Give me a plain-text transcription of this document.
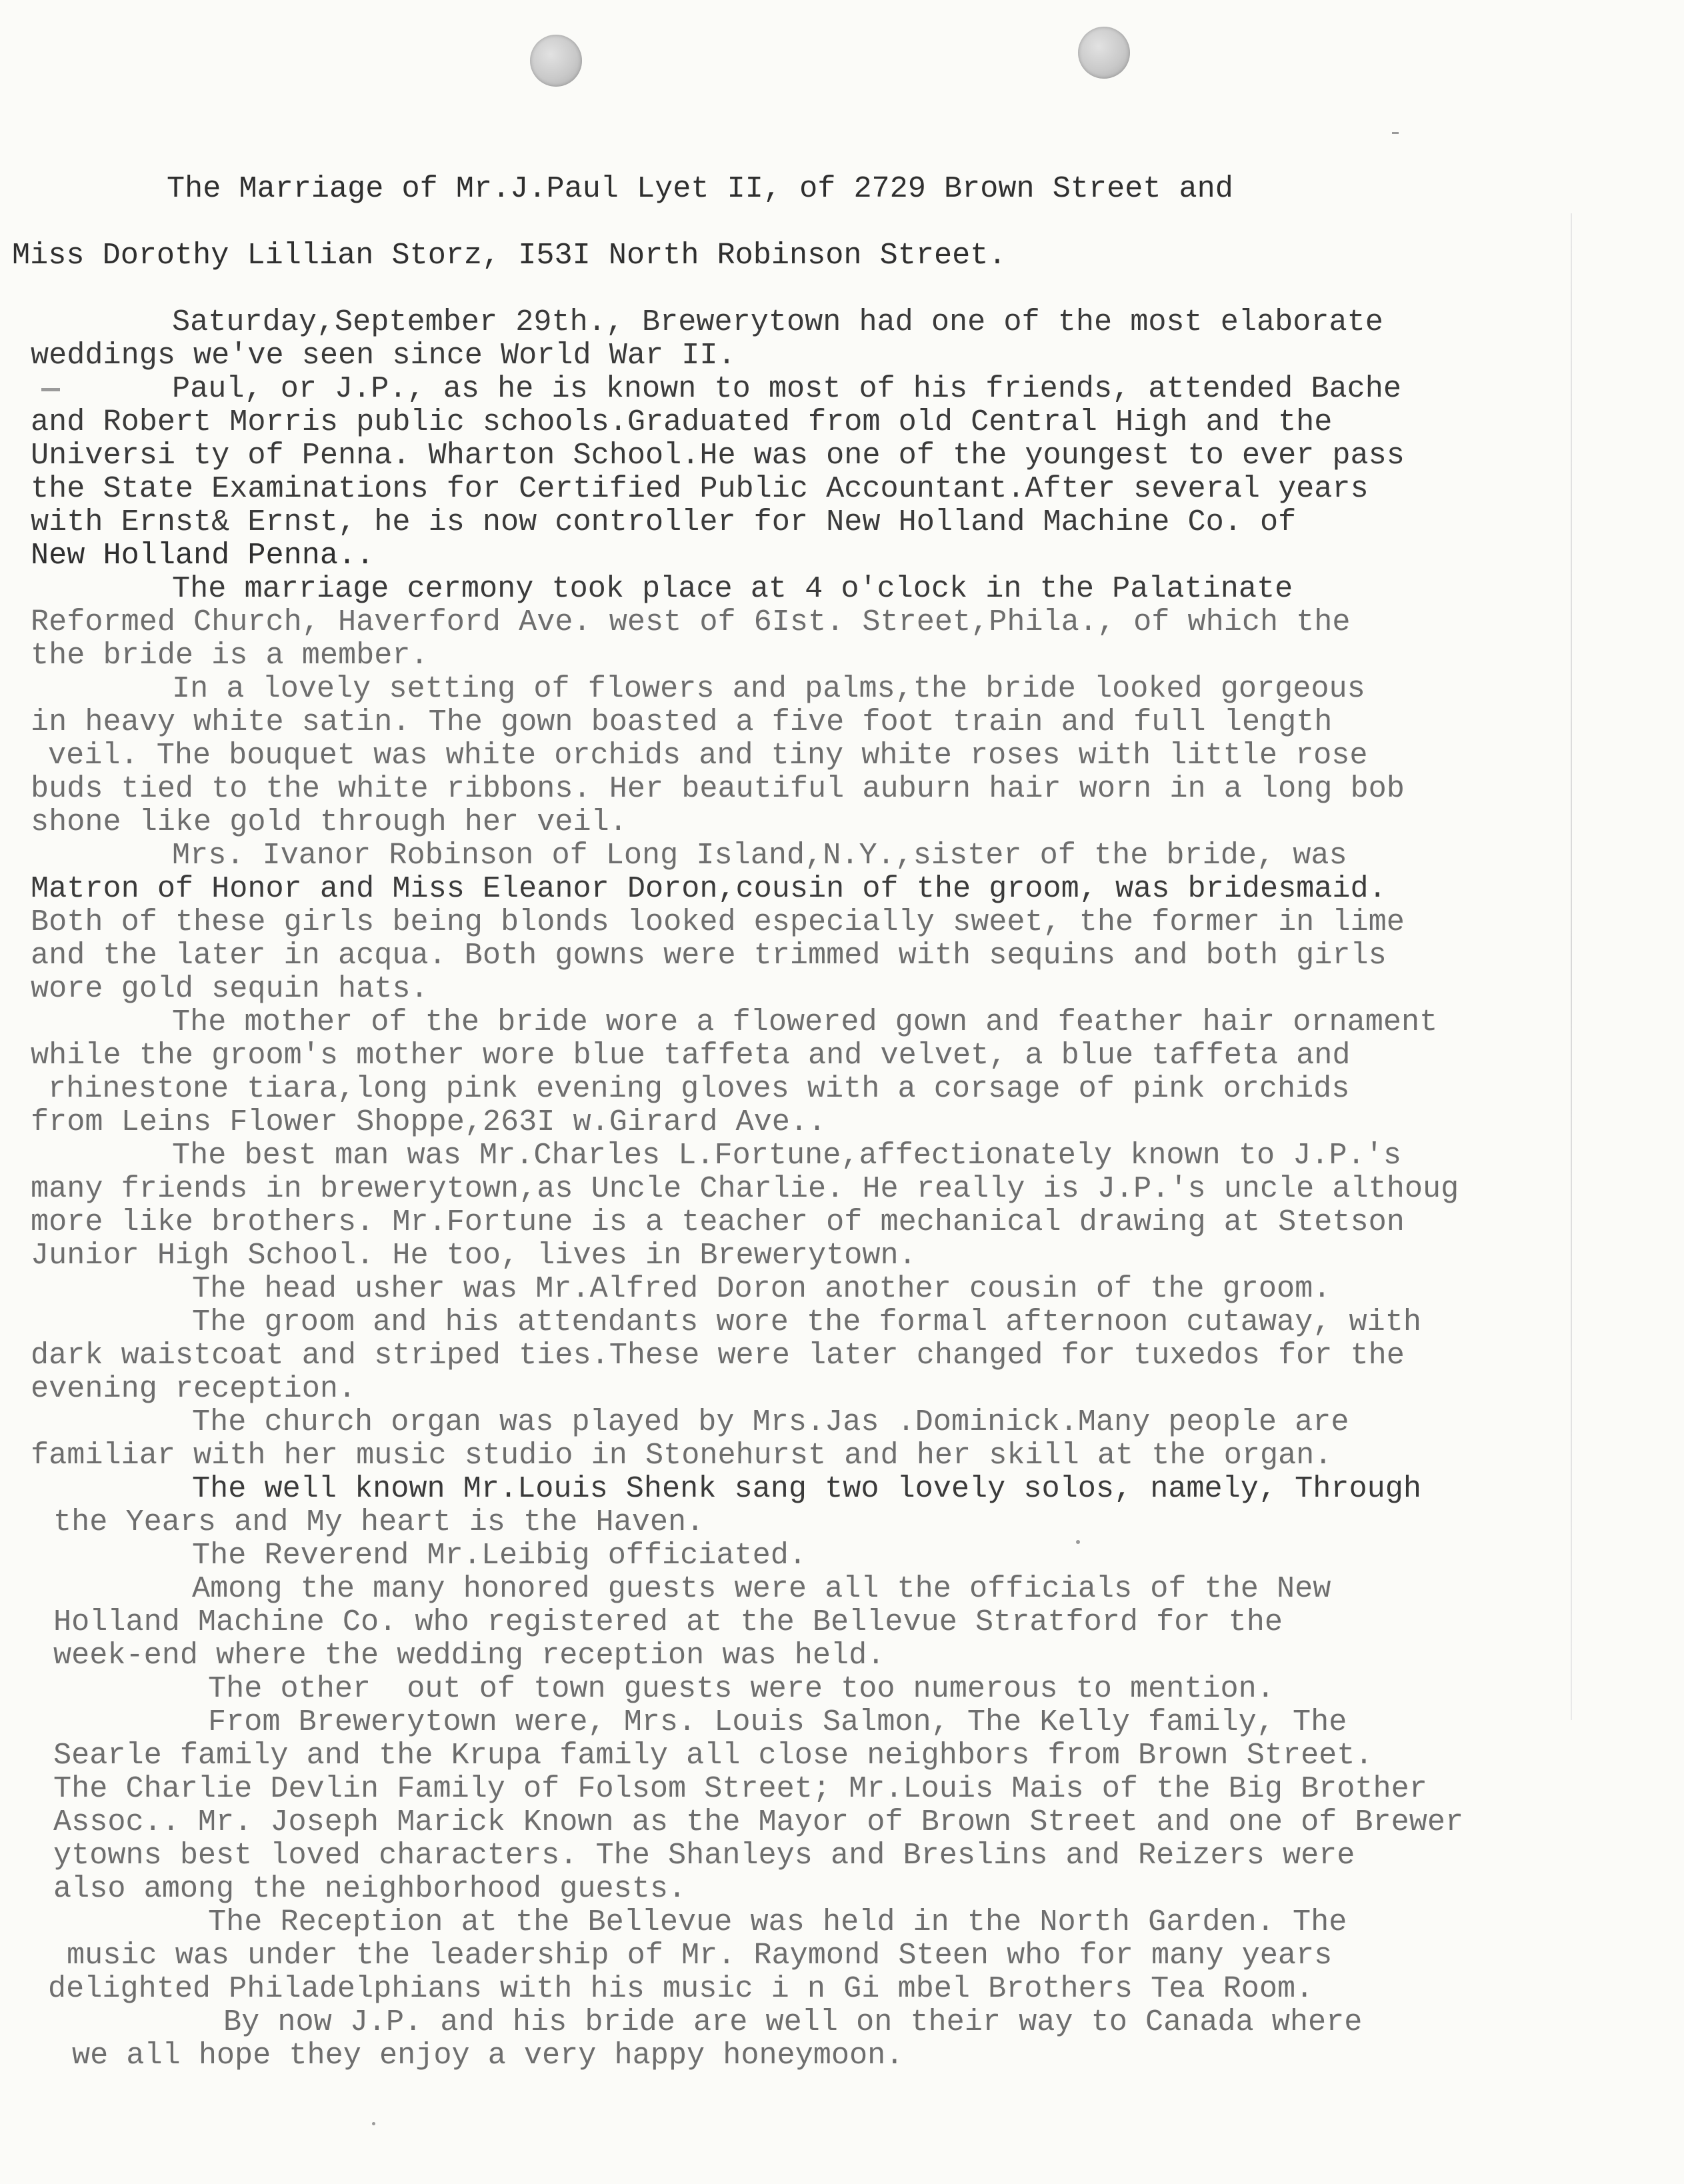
The Marriage of Mr.J.Paul Lyet II, of 2729 Brown Street and
Miss Dorothy Lillian Storz, I53I North Robinson Street.
Saturday,September 29th., Brewerytown had one of the most elaborate
weddings we've seen since World War II.
Paul, or J.P., as he is known to most of his friends, attended Bache
and Robert Morris public schools.Graduated from old Central High and the
Universi ty of Penna. Wharton School.He was one of the youngest to ever pass
the State Examinations for Certified Public Accountant.After several years
with Ernst& Ernst, he is now controller for New Holland Machine Co. of
New Holland Penna..
The marriage cermony took place at 4 o'clock in the Palatinate
Reformed Church, Haverford Ave. west of 6Ist. Street,Phila., of which the
the bride is a member.
In a lovely setting of flowers and palms,the bride looked gorgeous
in heavy white satin. The gown boasted a five foot train and full length
veil. The bouquet was white orchids and tiny white roses with little rose
buds tied to the white ribbons. Her beautiful auburn hair worn in a long bob
shone like gold through her veil.
Mrs. Ivanor Robinson of Long Island,N.Y.,sister of the bride, was
Matron of Honor and Miss Eleanor Doron,cousin of the groom, was bridesmaid.
Both of these girls being blonds looked especially sweet, the former in lime
and the later in acqua. Both gowns were trimmed with sequins and both girls
wore gold sequin hats.
The mother of the bride wore a flowered gown and feather hair ornament
while the groom's mother wore blue taffeta and velvet, a blue taffeta and
rhinestone tiara,long pink evening gloves with a corsage of pink orchids
from Leins Flower Shoppe,263I w.Girard Ave..
The best man was Mr.Charles L.Fortune,affectionately known to J.P.'s
many friends in brewerytown,as Uncle Charlie. He really is J.P.'s uncle althoug
more like brothers. Mr.Fortune is a teacher of mechanical drawing at Stetson
Junior High School. He too, lives in Brewerytown.
The head usher was Mr.Alfred Doron another cousin of the groom.
The groom and his attendants wore the formal afternoon cutaway, with
dark waistcoat and striped ties.These were later changed for tuxedos for the
evening reception.
The church organ was played by Mrs.Jas .Dominick.Many people are
familiar with her music studio in Stonehurst and her skill at the organ.
The well known Mr.Louis Shenk sang two lovely solos, namely, Through
the Years and My heart is the Haven.
The Reverend Mr.Leibig officiated.
Among the many honored guests were all the officials of the New
Holland Machine Co. who registered at the Bellevue Stratford for the
week-end where the wedding reception was held.
The other  out of town guests were too numerous to mention.
From Brewerytown were, Mrs. Louis Salmon, The Kelly family, The
Searle family and the Krupa family all close neighbors from Brown Street.
The Charlie Devlin Family of Folsom Street; Mr.Louis Mais of the Big Brother
Assoc.. Mr. Joseph Marick Known as the Mayor of Brown Street and one of Brewer
ytowns best loved characters. The Shanleys and Breslins and Reizers were
also among the neighborhood guests.
The Reception at the Bellevue was held in the North Garden. The
music was under the leadership of Mr. Raymond Steen who for many years
delighted Philadelphians with his music i n Gi mbel Brothers Tea Room.
By now J.P. and his bride are well on their way to Canada where
we all hope they enjoy a very happy honeymoon.
